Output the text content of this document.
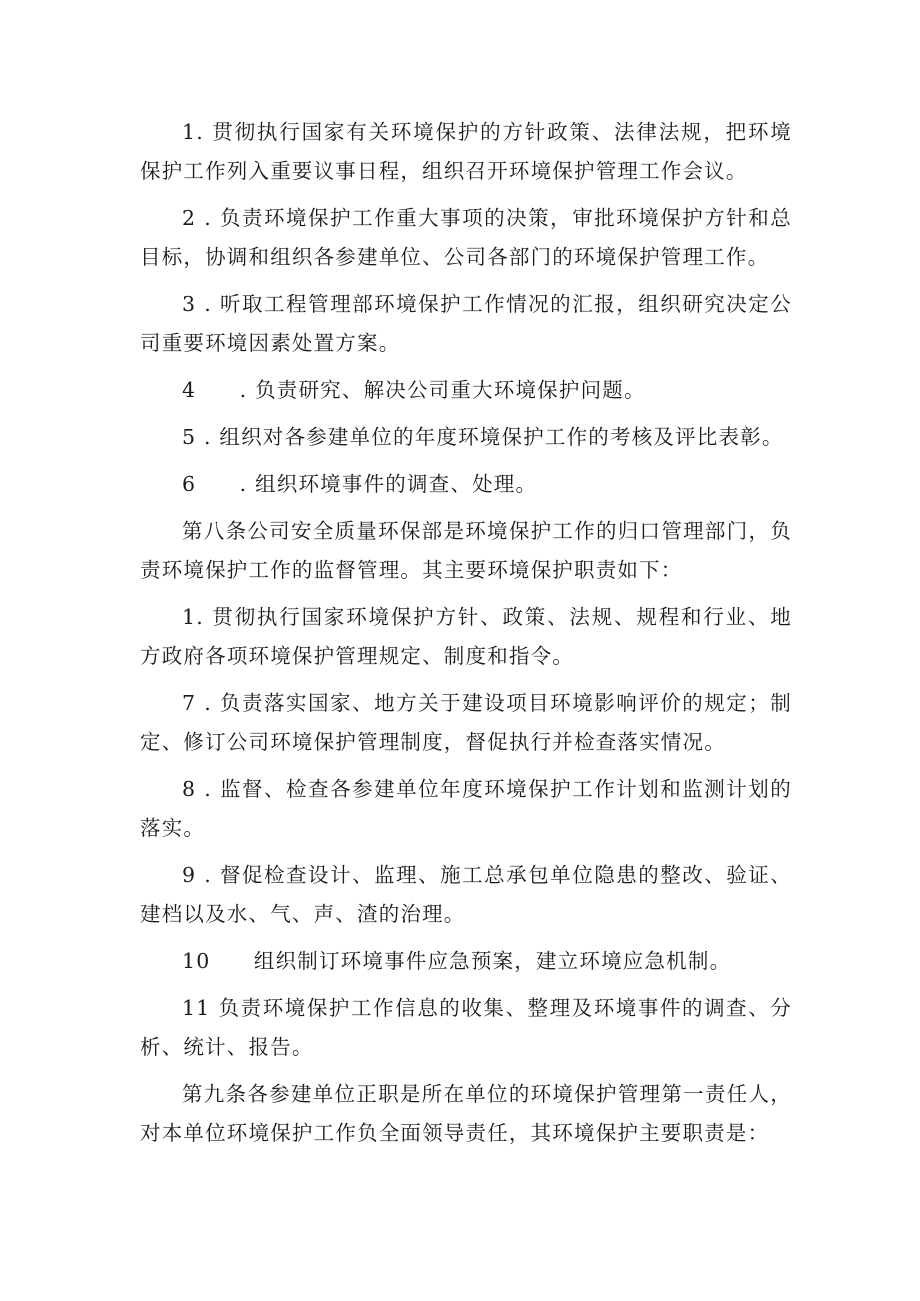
1. 贯彻执行国家有关环境保护的方针政策、法律法规，把环境保护工作列入重要议事日程，组织召开环境保护管理工作会议。

2 . 负责环境保护工作重大事项的决策，审批环境保护方针和总目标，协调和组织各参建单位、公司各部门的环境保护管理工作。

3 . 听取工程管理部环境保护工作情况的汇报，组织研究决定公司重要环境因素处置方案。

4　　. 负责研究、解决公司重大环境保护问题。

5 . 组织对各参建单位的年度环境保护工作的考核及评比表彰。

6　　. 组织环境事件的调查、处理。

第八条公司安全质量环保部是环境保护工作的归口管理部门，负责环境保护工作的监督管理。其主要环境保护职责如下：

1. 贯彻执行国家环境保护方针、政策、法规、规程和行业、地方政府各项环境保护管理规定、制度和指令。

7 . 负责落实国家、地方关于建设项目环境影响评价的规定；制定、修订公司环境保护管理制度，督促执行并检查落实情况。

8 . 监督、检查各参建单位年度环境保护工作计划和监测计划的落实。

9 . 督促检查设计、监理、施工总承包单位隐患的整改、验证、建档以及水、气、声、渣的治理。

10　　组织制订环境事件应急预案，建立环境应急机制。

11 负责环境保护工作信息的收集、整理及环境事件的调查、分析、统计、报告。

第九条各参建单位正职是所在单位的环境保护管理第一责任人，对本单位环境保护工作负全面领导责任，其环境保护主要职责是：
